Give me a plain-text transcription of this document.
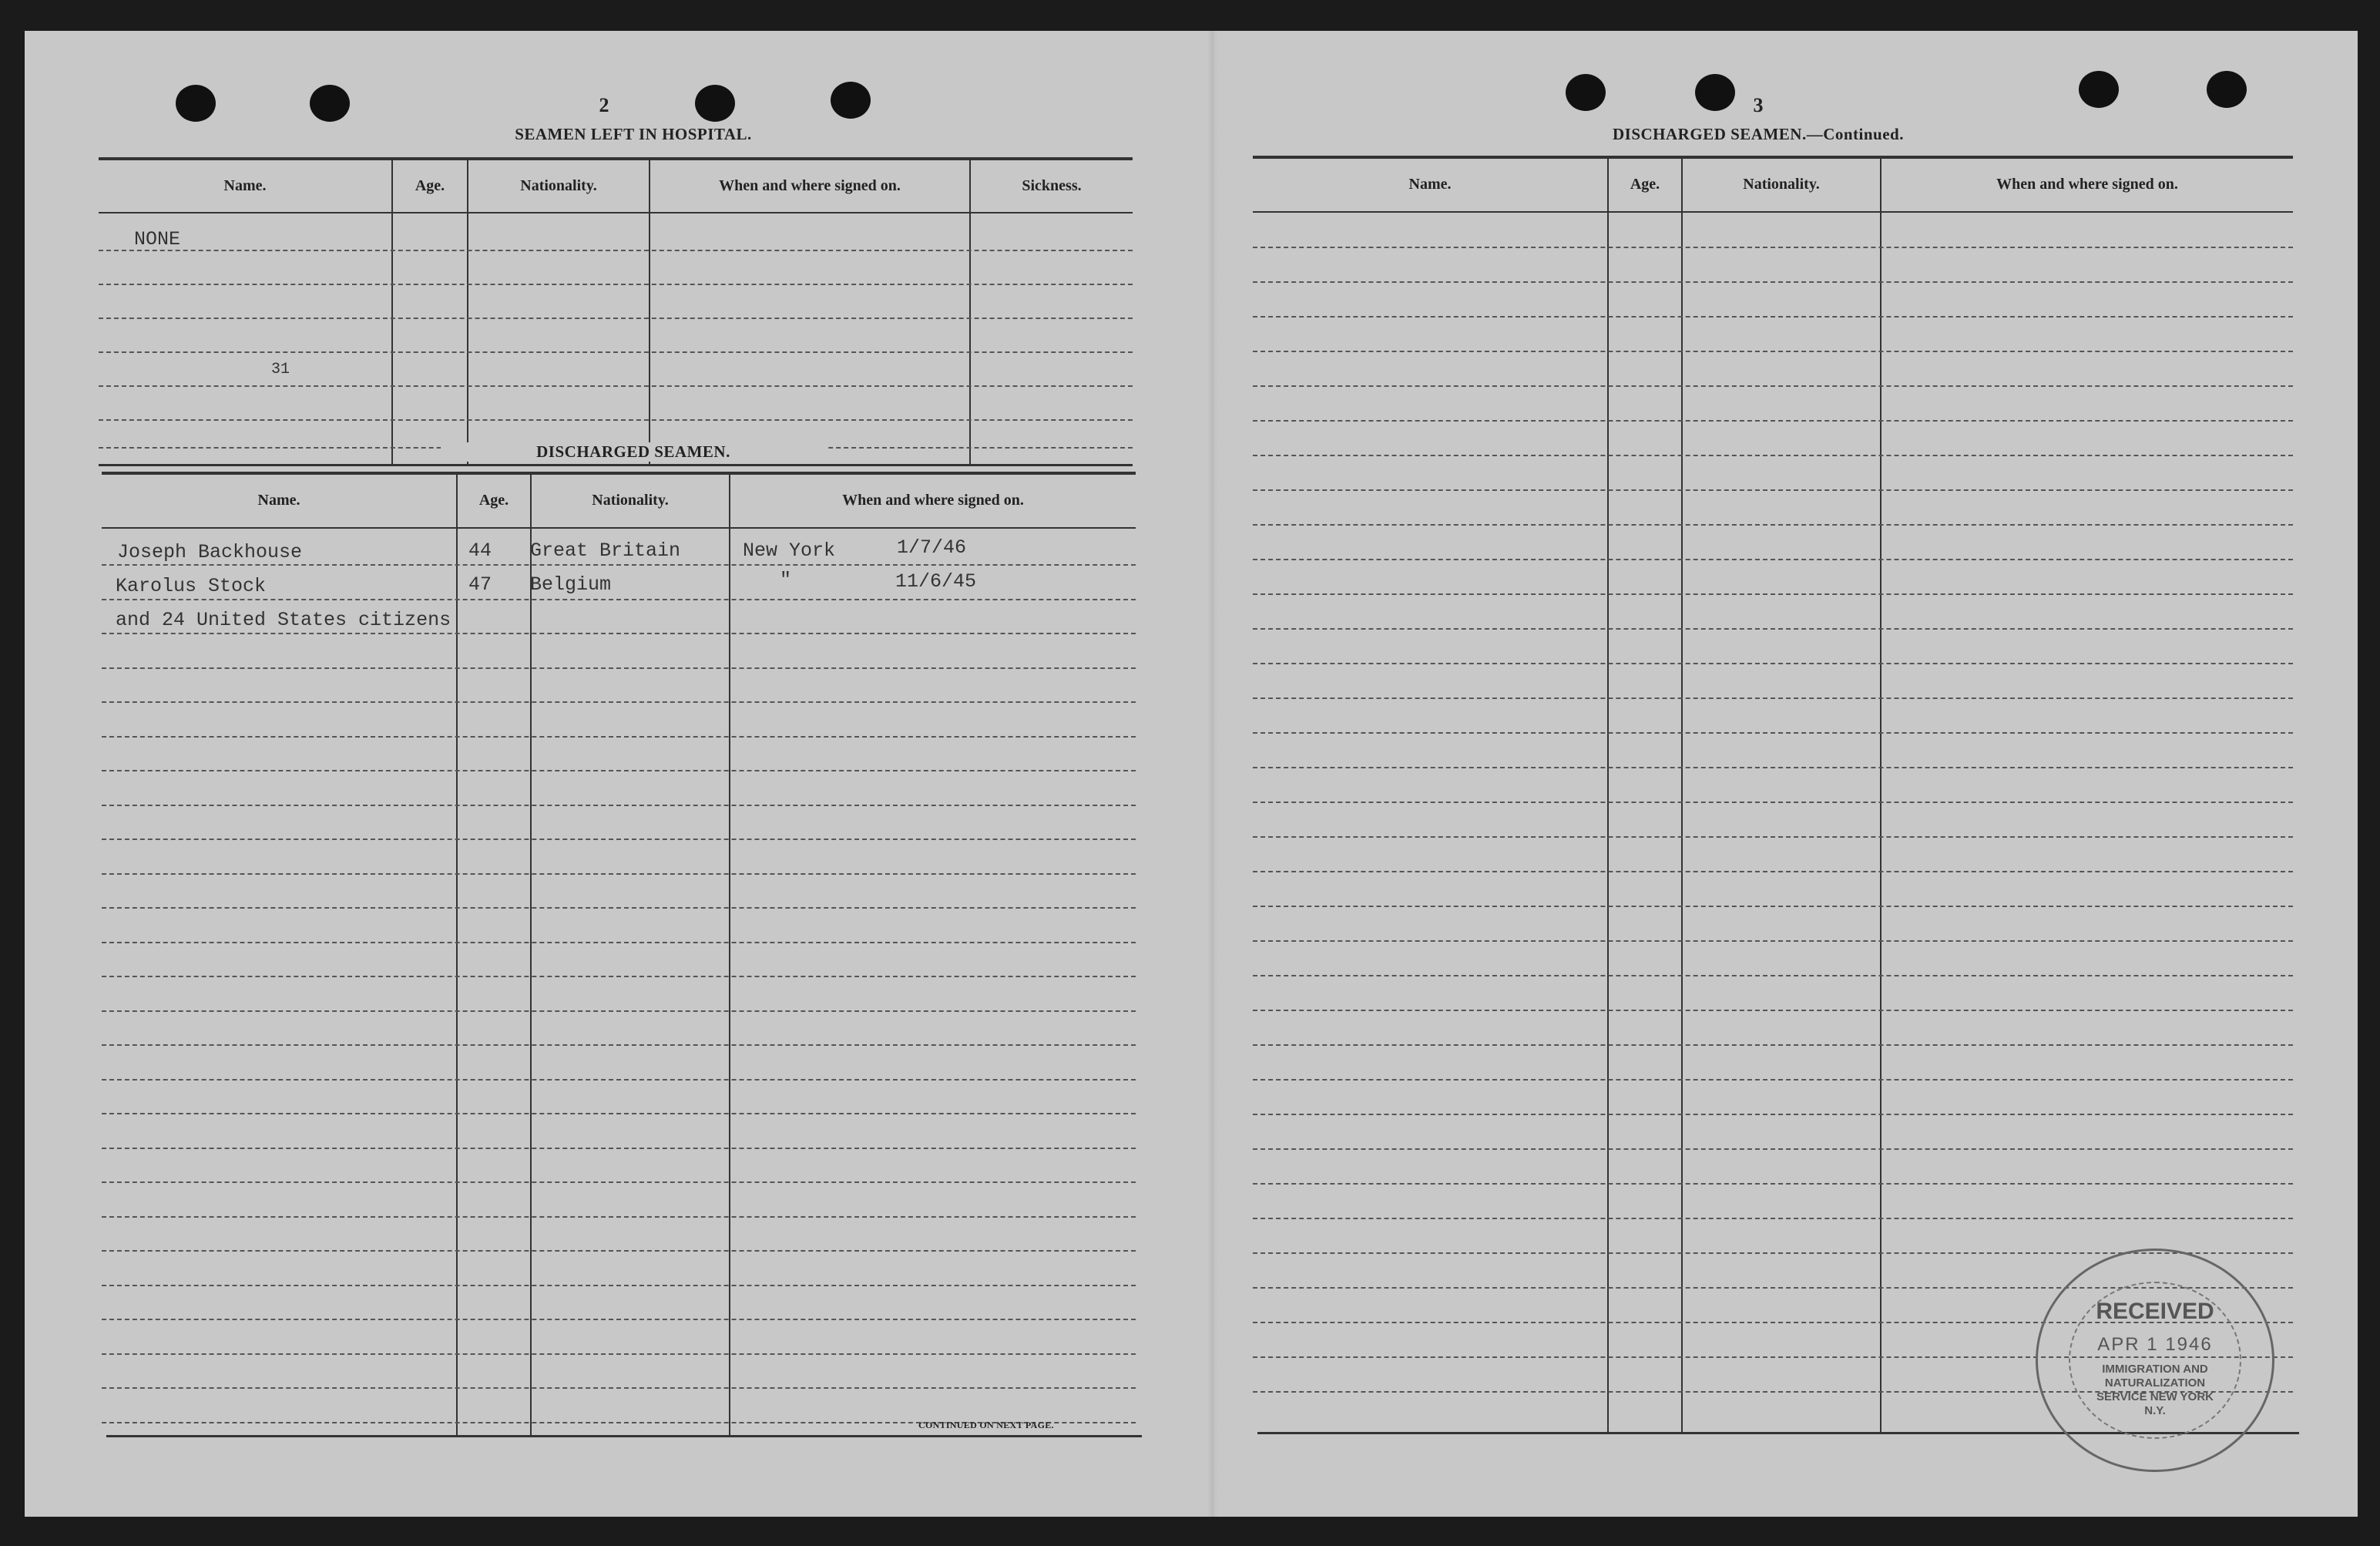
2
SEAMEN LEFT IN HOSPITAL.
Name.	Age.	Nationality.	When and where signed on.	Sickness.
NONE
31
DISCHARGED SEAMEN.
Name.	Age.	Nationality.	When and where signed on.
Joseph Backhouse	44 Great Britain	New York	1/7/46
Karolus Stock	47 Belgium	"	11/6/45
and 24 United States citizens
CONTINUED ON NEXT PAGE.
3
DISCHARGED SEAMEN.—Continued.
Name.	Age.	Nationality.	When and where signed on.
RECEIVED
APR 1 1946
IMMIGRATION AND NATURALIZATION SERVICE NEW YORK N.Y.
